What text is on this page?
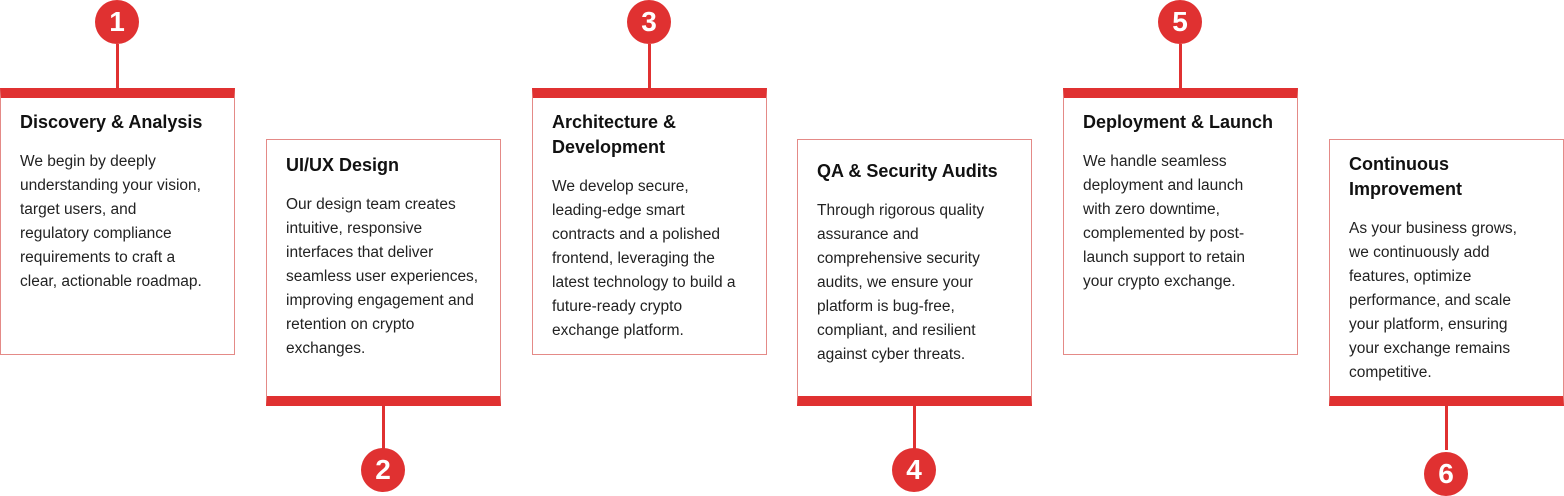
1
Discovery & Analysis

We begin by deeply understanding your vision, target users, and regulatory compliance requirements to craft a clear, actionable roadmap.

UI/UX Design

Our design team creates intuitive, responsive interfaces that deliver seamless user experiences, improving engagement and retention on crypto exchanges.

2
3
Architecture & Development

We develop secure, leading-edge smart contracts and a polished frontend, leveraging the latest technology to build a future-ready crypto exchange platform.

QA & Security Audits

Through rigorous quality assurance and comprehensive security audits, we ensure your platform is bug-free, compliant, and resilient against cyber threats.

4
5
Deployment & Launch

We handle seamless deployment and launch with zero downtime, complemented by post-launch support to retain your crypto exchange.

Continuous Improvement

As your business grows, we continuously add features, optimize performance, and scale your platform, ensuring your exchange remains competitive.

6
